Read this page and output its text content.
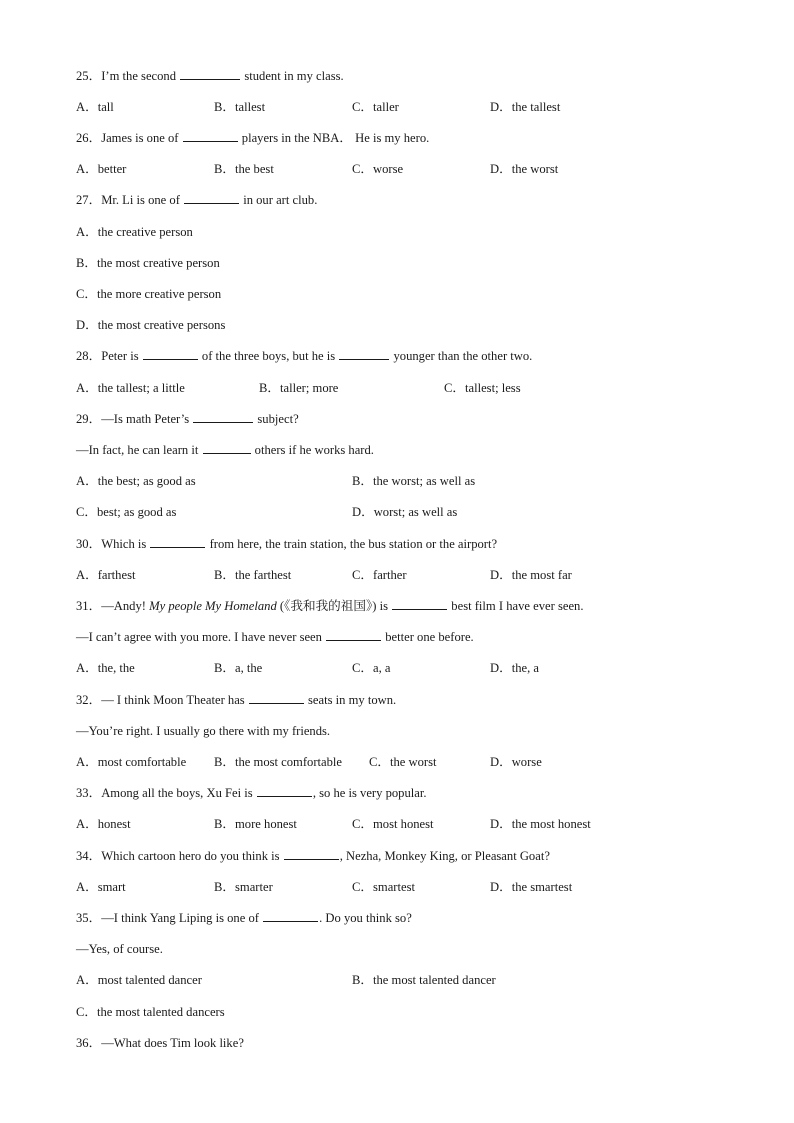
25．I’m the second	student in my class.
A．tall	B．tallest	C．taller	D．the tallest
26．James is one of	players in the NBA． He is my hero.
A．better	B．the best	C．worse	D．the worst
27．Mr. Li is one of	in our art club.
A．the creative person
B．the most creative person
C．the more creative person
D．the most creative persons
28．Peter is	of the three boys, but he is	younger than the other two.
A．the tallest; a little	B．taller; more	C．tallest; less
29．—Is math Peter’s	subject?
—In fact, he can learn it	others if he works hard.
A．the best; as good as	B．the worst; as well as
C．best; as good as	D．worst; as well as
30．Which is	from here, the train station, the bus station or the airport?
A．farthest	B．the farthest	C．farther	D．the most far
31．—Andy! My people My Homeland (《我和我的祖国》) is	best film I have ever seen.
—I can’t agree with you more. I have never seen	better one before.
A．the, the	B．a, the	C．a, a	D．the, a
32．— I think Moon Theater has	seats in my town.
—You’re right. I usually go there with my friends.
A．most comfortable B．the most comfortable C．the worst	D．worse
33．Among all the boys, Xu Fei is	, so he is very popular.
A．honest	B．more honest	C．most honest	D．the most honest
34．Which cartoon hero do you think is	, Nezha, Monkey King, or Pleasant Goat?
A．smart	B．smarter	C．smartest	D．the smartest
35．—I think Yang Liping is one of	. Do you think so?
—Yes, of course.
A．most talented dancer	B．the most talented dancer
C．the most talented dancers
36．—What does Tim look like?
